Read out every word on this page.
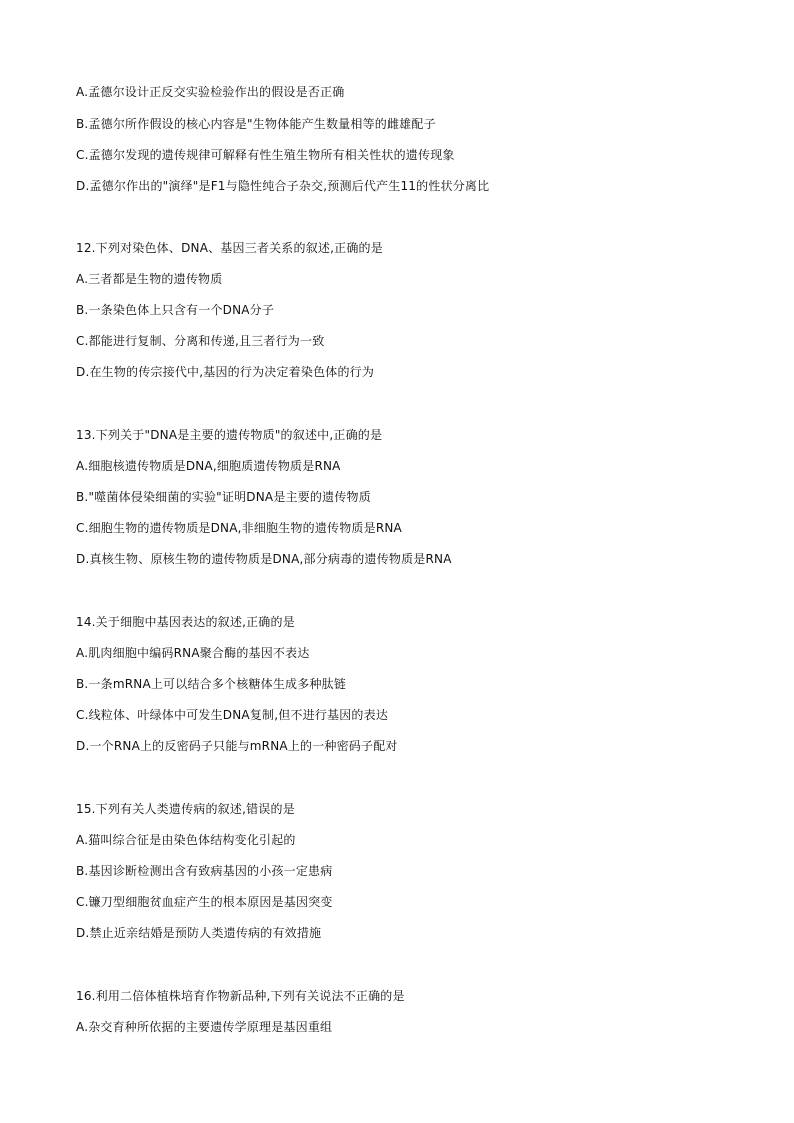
A.孟德尔设计正反交实验检验作出的假设是否正确
B.孟德尔所作假设的核心内容是"生物体能产生数量相等的雌雄配子
C.孟德尔发现的遗传规律可解释有性生殖生物所有相关性状的遗传现象
D.孟德尔作出的"演绎"是F1与隐性纯合子杂交,预测后代产生11的性状分离比
12.下列对染色体、DNA、基因三者关系的叙述,正确的是
A.三者都是生物的遗传物质
B.一条染色体上只含有一个DNA分子
C.都能进行复制、分离和传递,且三者行为一致
D.在生物的传宗接代中,基因的行为决定着染色体的行为
13.下列关于"DNA是主要的遗传物质"的叙述中,正确的是
A.细胞核遗传物质是DNA,细胞质遗传物质是RNA
B."噬菌体侵染细菌的实验"证明DNA是主要的遗传物质
C.细胞生物的遗传物质是DNA,非细胞生物的遗传物质是RNA
D.真核生物、原核生物的遗传物质是DNA,部分病毒的遗传物质是RNA
14.关于细胞中基因表达的叙述,正确的是
A.肌肉细胞中编码RNA聚合酶的基因不表达
B.一条mRNA上可以结合多个核糖体生成多种肽链
C.线粒体、叶绿体中可发生DNA复制,但不进行基因的表达
D.一个RNA上的反密码子只能与mRNA上的一种密码子配对
15.下列有关人类遗传病的叙述,错误的是
A.猫叫综合征是由染色体结构变化引起的
B.基因诊断检测出含有致病基因的小孩一定患病
C.镰刀型细胞贫血症产生的根本原因是基因突变
D.禁止近亲结婚是预防人类遗传病的有效措施
16.利用二倍体植株培育作物新品种,下列有关说法不正确的是
A.杂交育种所依据的主要遗传学原理是基因重组
